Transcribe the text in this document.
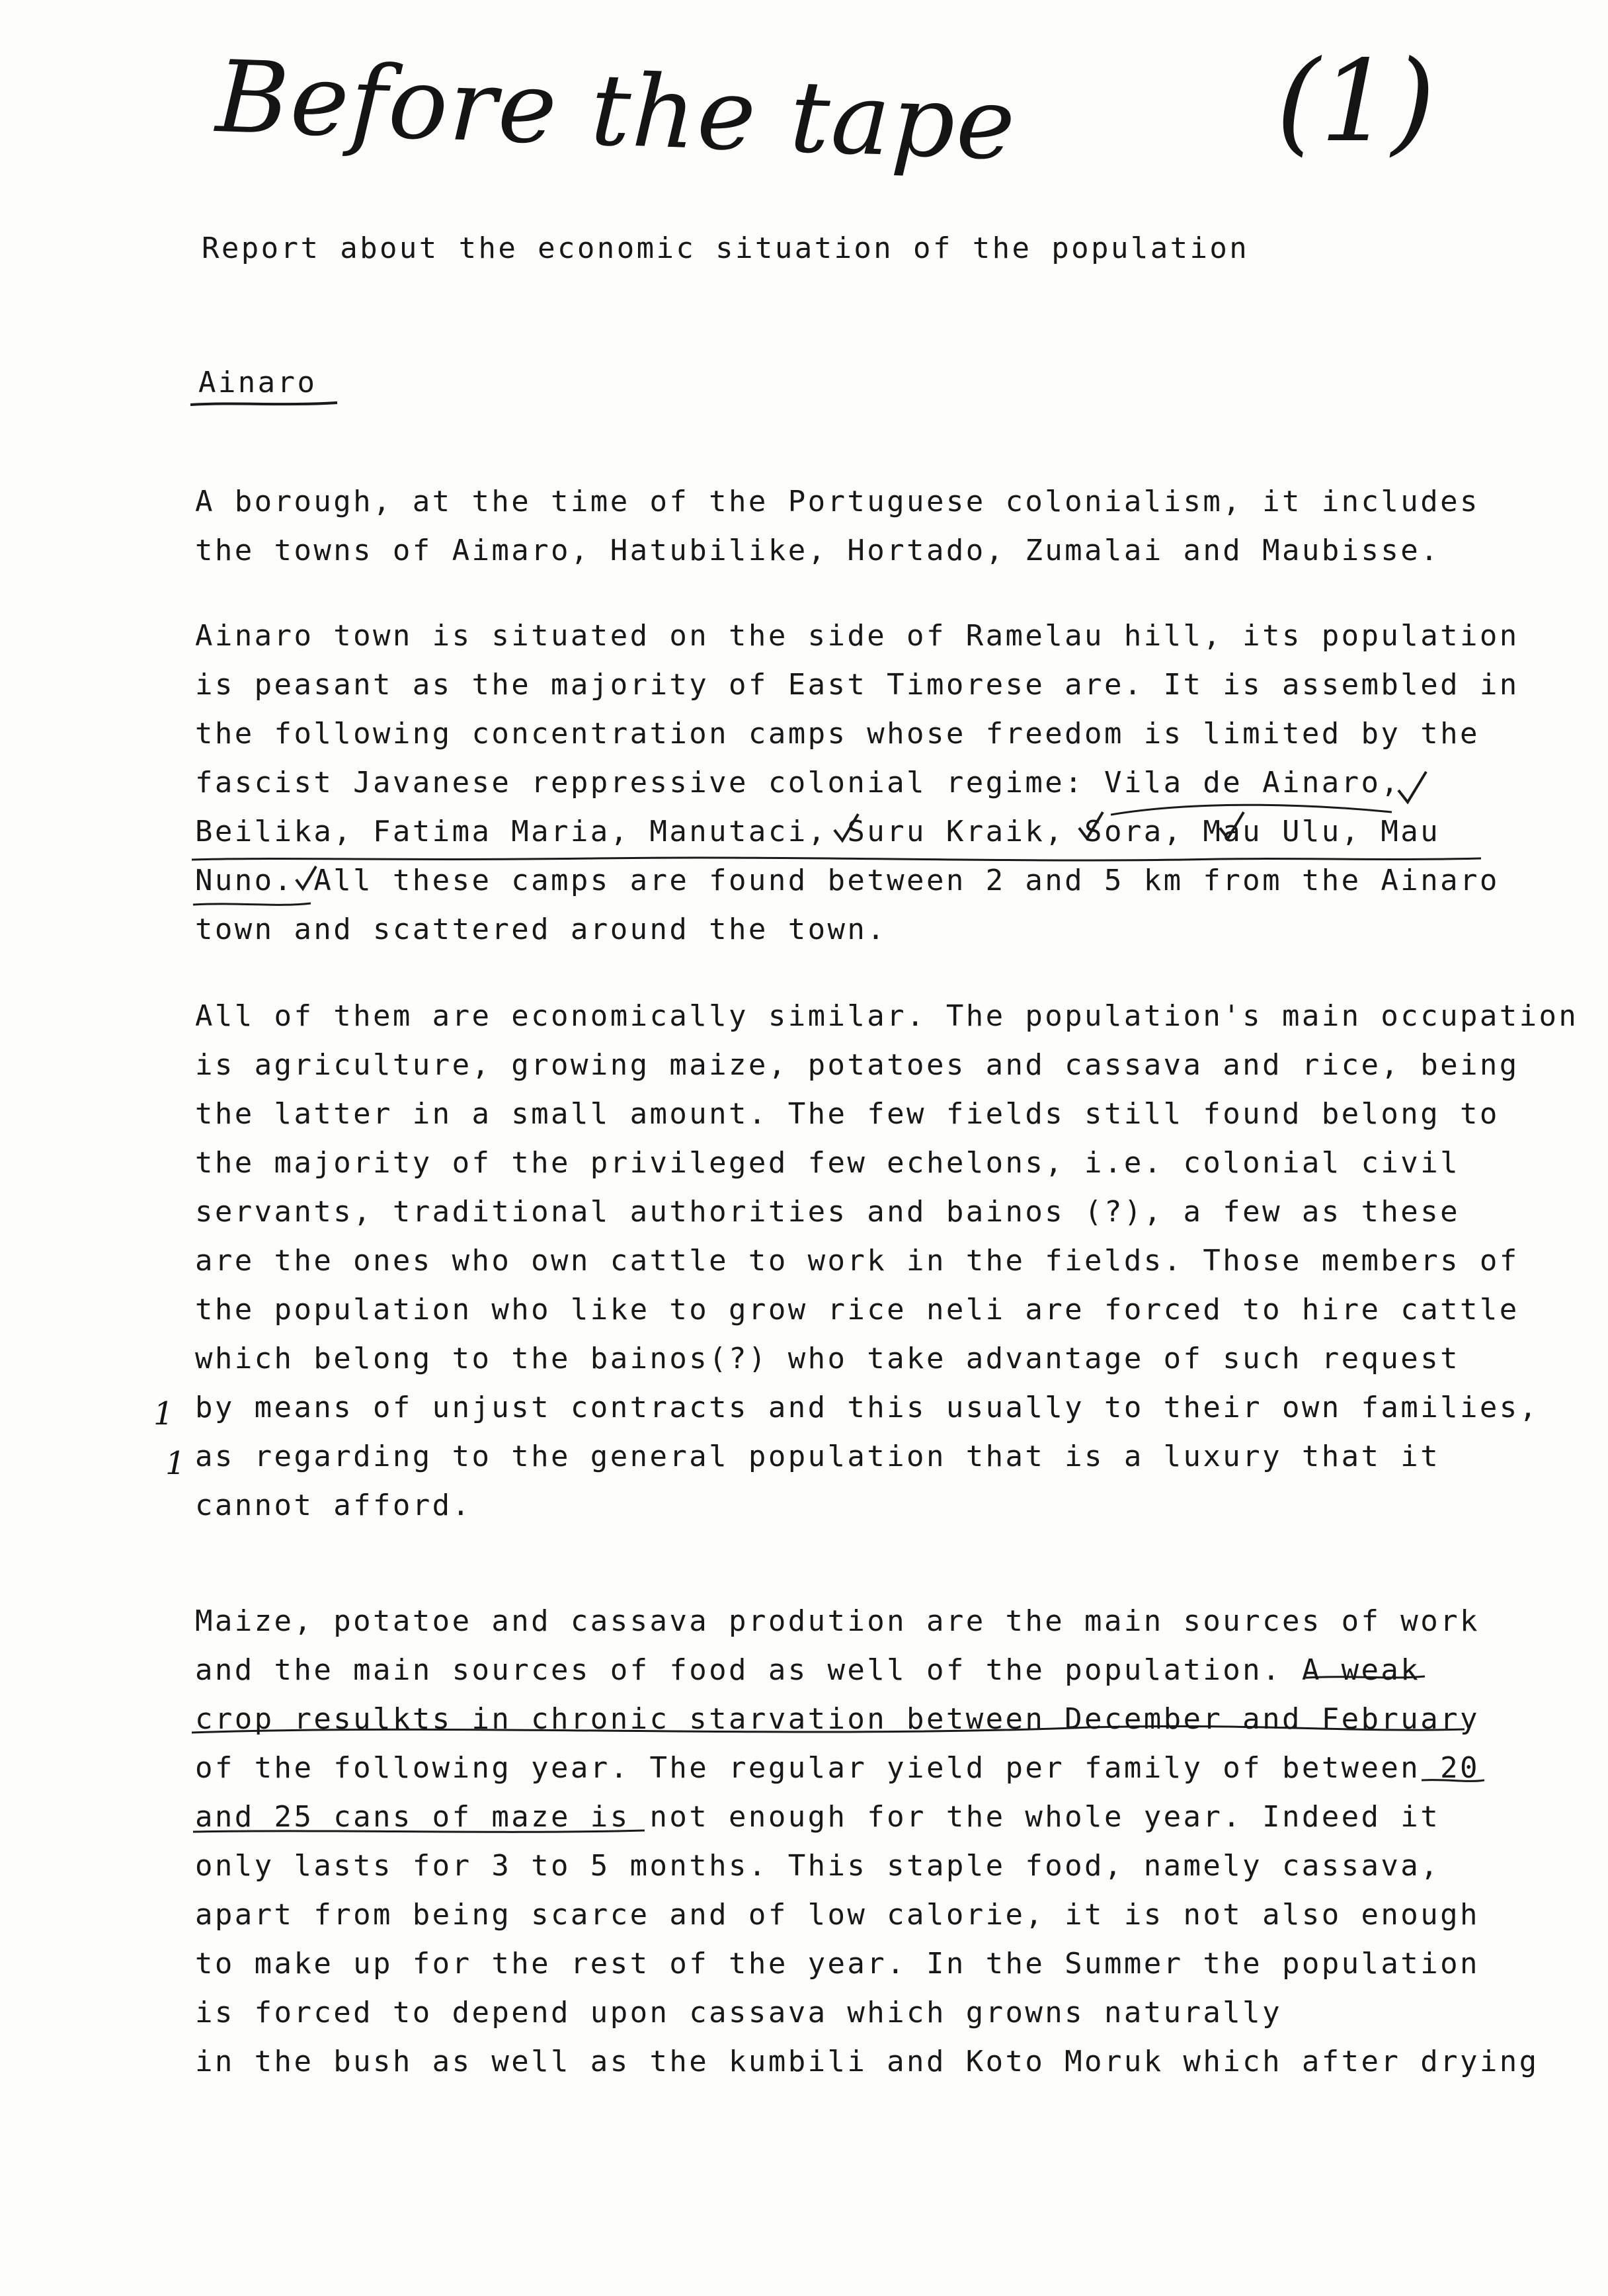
Before the tape (1)
Report about the economic situation of the population
Ainaro
A borough, at the time of the Portuguese colonialism, it includes
the towns of Aimaro, Hatubilike, Hortado, Zumalai and Maubisse.
Ainaro town is situated on the side of Ramelau hill, its population
is peasant as the majority of East Timorese are. It is assembled in
the following concentration camps whose freedom is limited by the
fascist Javanese reppressive colonial regime: Vila de Ainaro,
Beilika, Fatima Maria, Manutaci, Suru Kraik, Sora, Mau Ulu, Mau
Nuno. All these camps are found between 2 and 5 km from the Ainaro
town and scattered around the town.
All of them are economically similar. The population's main occupation
is agriculture, growing maize, potatoes and cassava and rice, being
the latter in a small amount. The few fields still found belong to
the majority of the privileged few echelons, i.e. colonial civil
servants, traditional authorities and bainos (?), a few as these
are the ones who own cattle to work in the fields. Those members of
the population who like to grow rice neli are forced to hire cattle
which belong to the bainos(?) who take advantage of such request
by means of unjust contracts and this usually to their own families,
as regarding to the general population that is a luxury that it
cannot afford.
1
1
Maize, potatoe and cassava prodution are the main sources of work
and the main sources of food as well of the population. A weak
crop resulkts in chronic starvation between December and February
of the following year. The regular yield per family of between 20
and 25 cans of maze is not enough for the whole year. Indeed it
only lasts for 3 to 5 months. This staple food, namely cassava,
apart from being scarce and of low calorie, it is not also enough
to make up for the rest of the year. In the Summer the population
is forced to depend upon cassava which growns naturally
in the bush as well as the kumbili and Koto Moruk which after drying
